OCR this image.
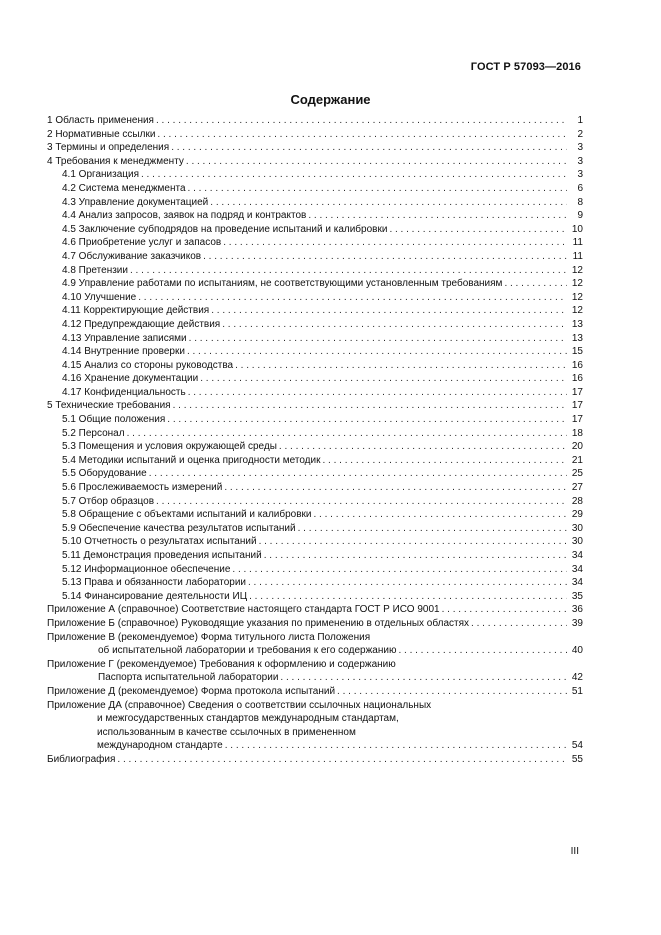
ГОСТ Р 57093—2016
Содержание
1 Область применения . . .	1
2 Нормативные ссылки . . .	2
3 Термины и определения . . .	3
4 Требования к менеджменту . . .	3
4.1 Организация . . .	3
4.2 Система менеджмента . . .	6
4.3 Управление документацией . . .	8
4.4 Анализ запросов, заявок на подряд и контрактов . . .	9
4.5 Заключение субподрядов на проведение испытаний и калибровки . . .	10
4.6 Приобретение услуг и запасов . . .	11
4.7 Обслуживание заказчиков . . .	11
4.8 Претензии . . .	12
4.9 Управление работами по испытаниям, не соответствующими установленным требованиям . . .	12
4.10 Улучшение . . .	12
4.11 Корректирующие действия . . .	12
4.12 Предупреждающие действия . . .	13
4.13 Управление записями . . .	13
4.14 Внутренние проверки . . .	15
4.15 Анализ со стороны руководства . . .	16
4.16 Хранение документации . . .	16
4.17 Конфиденциальность . . .	17
5 Технические требования . . .	17
5.1 Общие положения . . .	17
5.2 Персонал . . .	18
5.3 Помещения и условия окружающей среды . . .	20
5.4 Методики испытаний и оценка пригодности методик . . .	21
5.5 Оборудование . . .	25
5.6 Прослеживаемость измерений . . .	27
5.7 Отбор образцов . . .	28
5.8 Обращение с объектами испытаний и калибровки . . .	29
5.9 Обеспечение качества результатов испытаний . . .	30
5.10 Отчетность о результатах испытаний . . .	30
5.11 Демонстрация проведения испытаний . . .	34
5.12 Информационное обеспечение . . .	34
5.13 Права и обязанности лаборатории . . .	34
5.14 Финансирование деятельности ИЦ . . .	35
Приложение А (справочное) Соответствие настоящего стандарта ГОСТ Р ИСО 9001 . . .	36
Приложение Б (справочное) Руководящие указания по применению в отдельных областях . . .	39
Приложение В (рекомендуемое) Форма титульного листа Положения
об испытательной лаборатории и требования к его содержанию . . .	40
Приложение Г (рекомендуемое) Требования к оформлению и содержанию
Паспорта испытательной лаборатории . . .	42
Приложение Д (рекомендуемое) Форма протокола испытаний . . .	51
Приложение ДА (справочное) Сведения о соответствии ссылочных национальных
и межгосударственных стандартов международным стандартам,
использованным в качестве ссылочных в примененном
международном стандарте . . .	54
Библиография . . .	55
III
